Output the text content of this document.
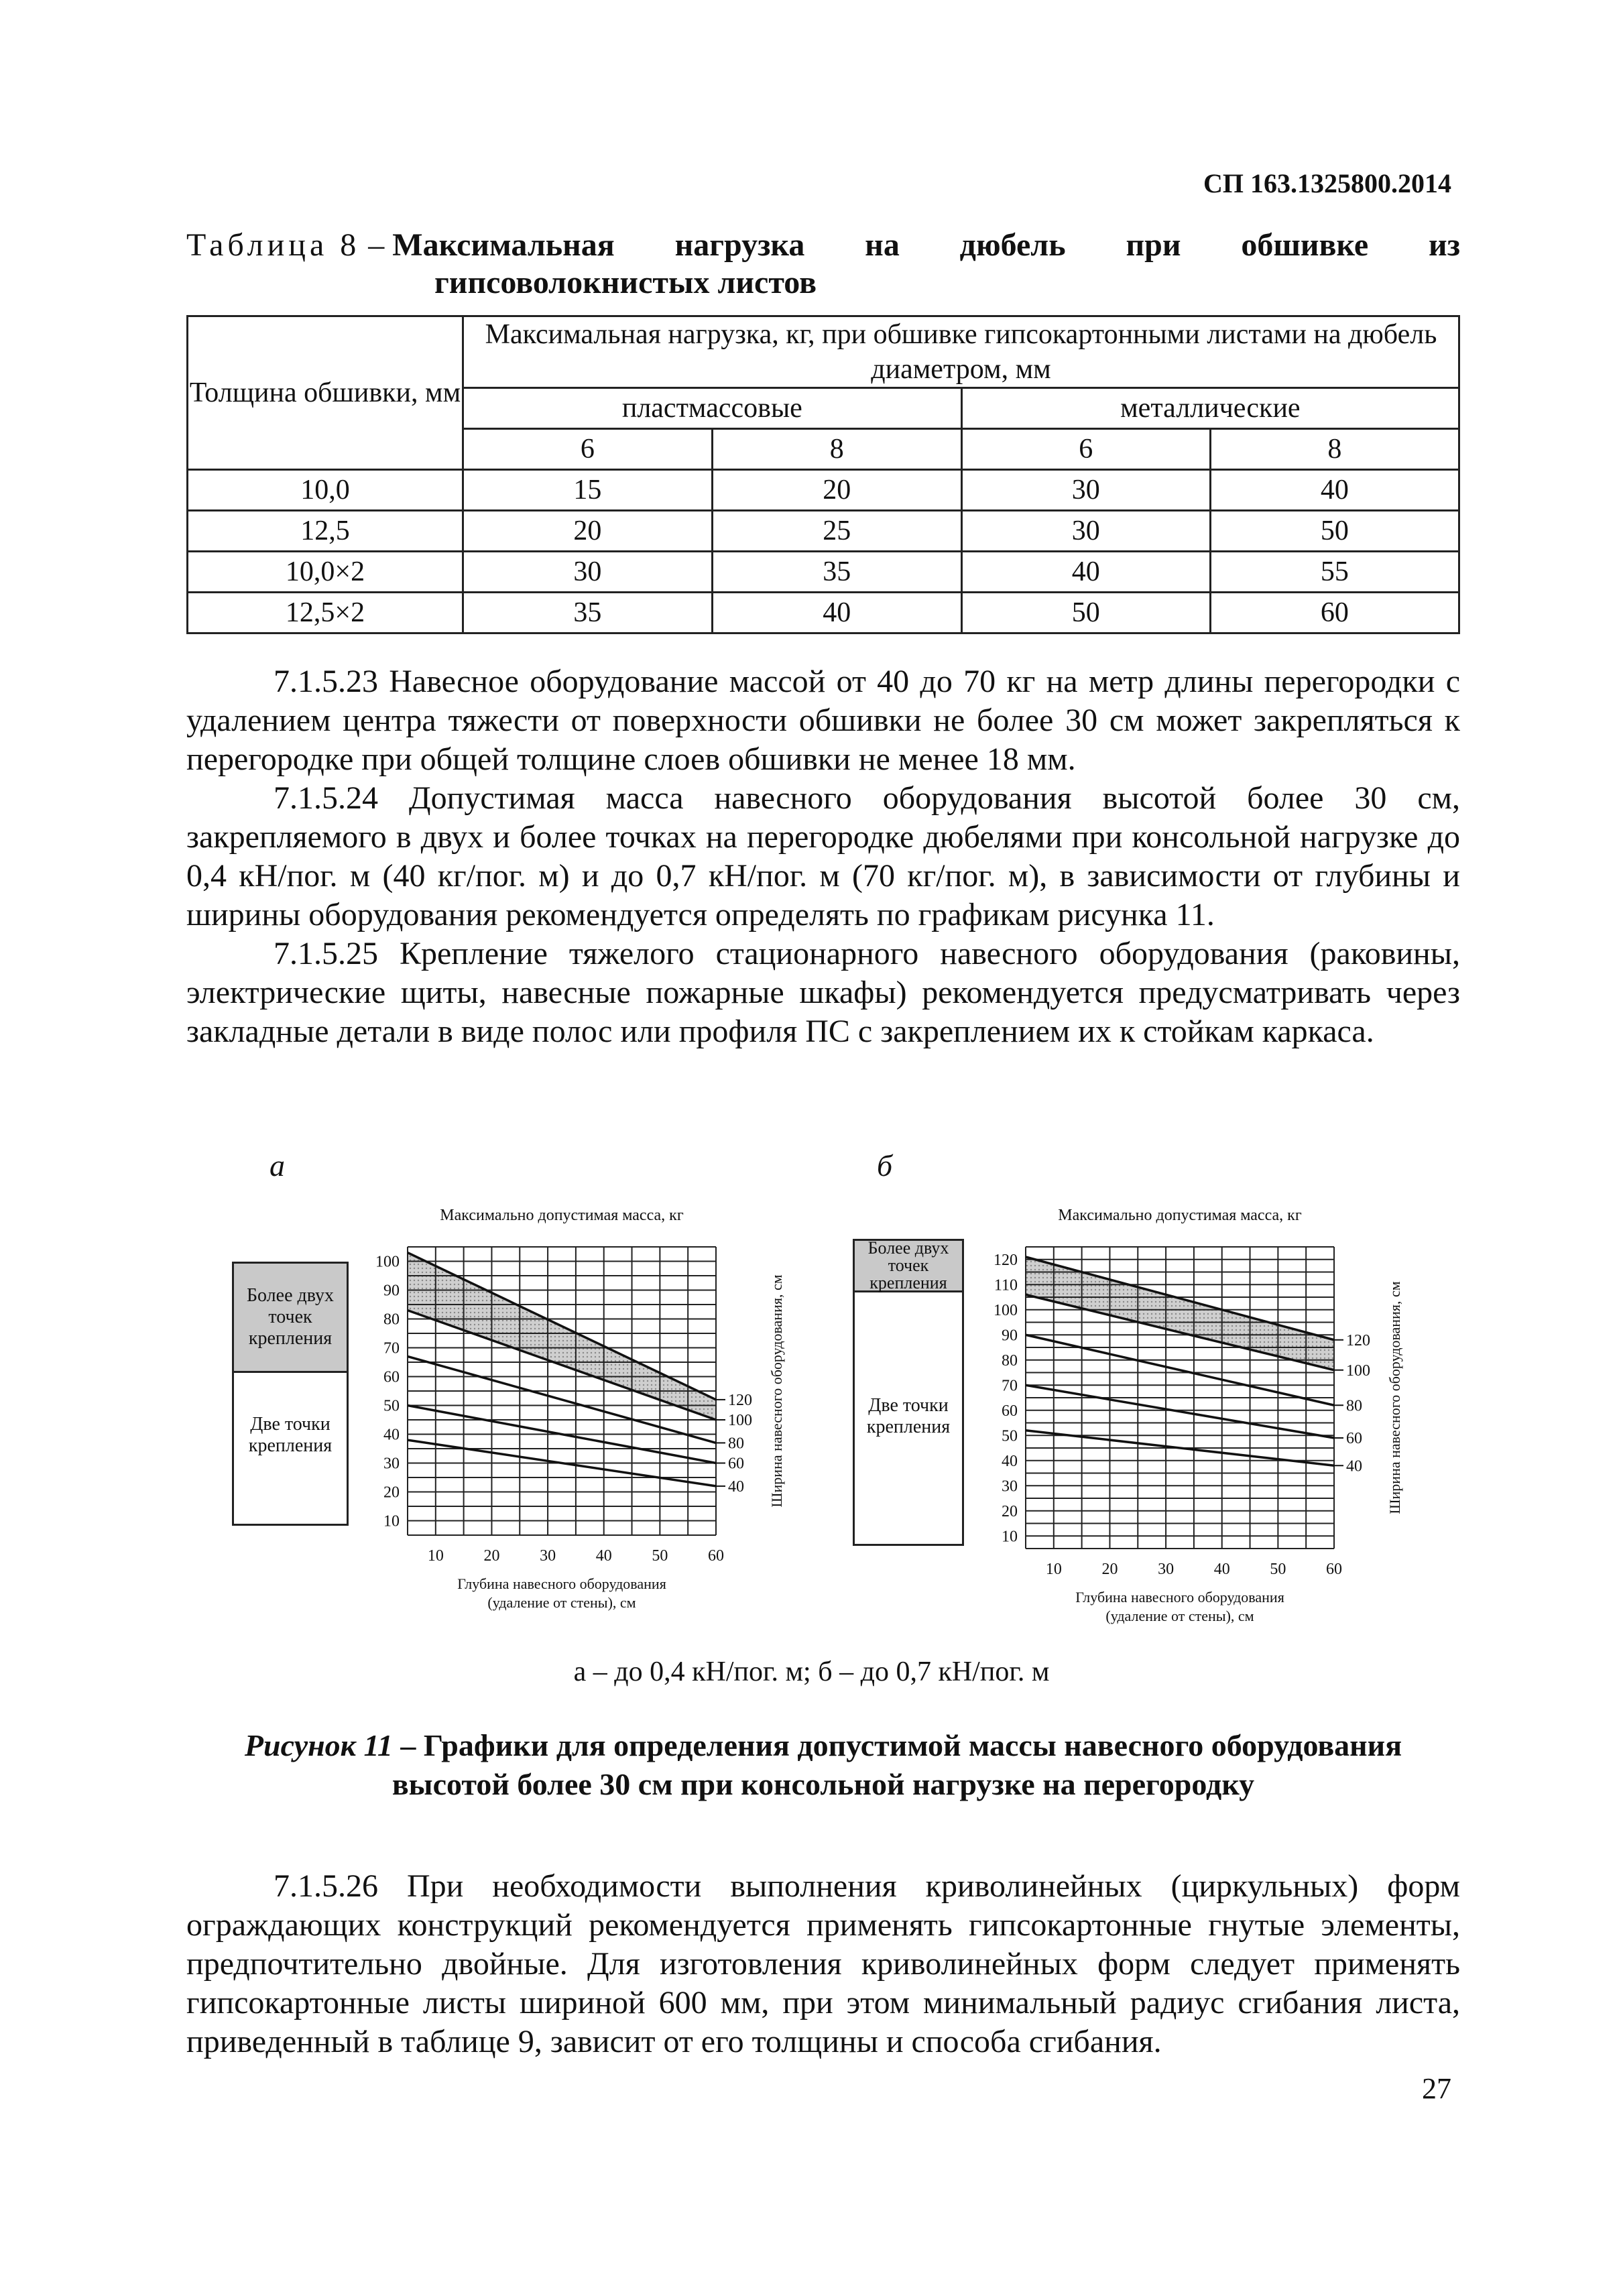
СП 163.1325800.2014
Таблица 8 – Максимальная нагрузка на дюбель при обшивке из
гипсоволокнистых листов
Толщина обшивки, мм	Максимальная нагрузка, кг, при обшивке гипсокартонными листами на дюбель диаметром, мм			
	пластмассовые		металлические	
	6	8	6	8
10,0	15	20	30	40
12,5	20	25	30	50
10,0×2	30	35	40	55
12,5×2	35	40	50	60

7.1.5.23 Навесное оборудование массой от 40 до 70 кг на метр длины перегородки с удалением центра тяжести от поверхности обшивки не более 30 см может закрепляться к перегородке при общей толщине слоев обшивки не менее 18 мм.

7.1.5.24 Допустимая масса навесного оборудования высотой более 30 см, закрепляемого в двух и более точках на перегородке дюбелями при консольной нагрузке до 0,4 кН/пог. м (40 кг/пог. м) и до 0,7 кН/пог. м (70 кг/пог. м), в зависимости от глубины и ширины оборудования рекомендуется определять по графикам рисунка 11.

7.1.5.25 Крепление тяжелого стационарного навесного оборудования (раковины, электрические щиты, навесные пожарные шкафы) рекомендуется предусматривать через закладные детали в виде полос или профиля ПС с закреплением их к стойкам каркаса.

а
Более двух точек крепления
Две точки крепления
Максимально допустимая масса, кг
120
100
80
60
40
10
20
30
40
50
60
70
80
90
100
10 20 30 40 50 60
Глубина навесного оборудования
(удаление от стены), см
Ширина навесного оборудования, см
б
Более двух точек крепления
Две точки крепления
Максимально допустимая масса, кг
120
100
80
60
40
10
20
30
40
50
60
70
80
90
100
110
120
10 20 30 40 50 60
Глубина навесного оборудования
(удаление от стены), см
Ширина навесного оборудования, см
а – до 0,4 кН/пог. м; б – до 0,7 кН/пог. м
Рисунок 11 – Графики для определения допустимой массы навесного оборудования высотой более 30 см при консольной нагрузке на перегородку

7.1.5.26 При необходимости выполнения криволинейных (циркульных) форм ограждающих конструкций рекомендуется применять гипсокартонные гнутые элементы, предпочтительно двойные. Для изготовления криволинейных форм следует применять гипсокартонные листы шириной 600 мм, при этом минимальный радиус сгибания листа, приведенный в таблице 9, зависит от его толщины и способа сгибания.

27
